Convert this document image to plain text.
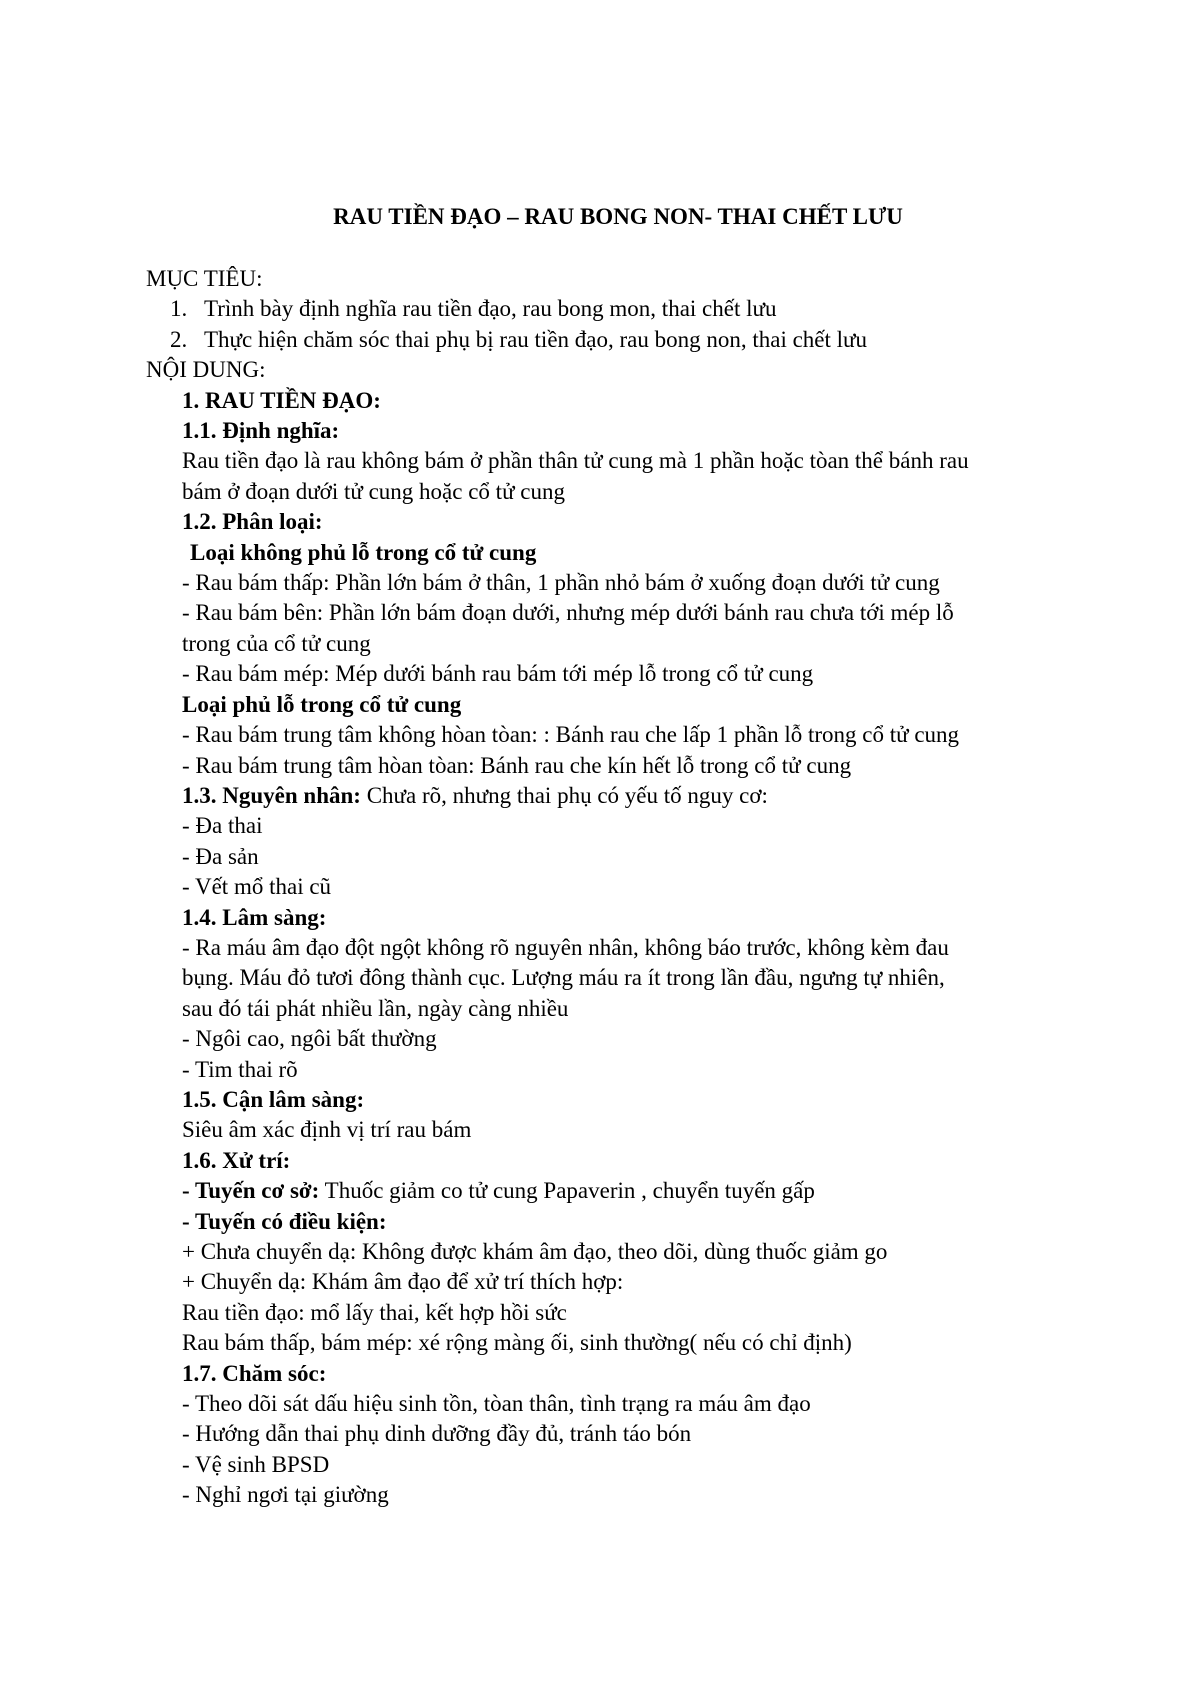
RAU TIỀN ĐẠO – RAU BONG NON- THAI CHẾT LƯU
MỤC TIÊU:
1. Trình bày định nghĩa rau tiền đạo, rau bong mon, thai chết lưu
2. Thực hiện chăm sóc thai phụ bị rau tiền đạo, rau bong non, thai chết lưu
NỘI DUNG:
1. RAU TIỀN ĐẠO:
1.1. Định nghĩa:
Rau tiền đạo là rau không bám ở phần thân tử cung mà 1 phần hoặc tòan thể bánh rau
bám ở đoạn dưới tử cung hoặc cổ tử cung
1.2. Phân loại:
Loại không phủ lỗ trong cổ tử cung
- Rau bám thấp: Phần lớn bám ở thân, 1 phần nhỏ bám ở xuống đoạn dưới tử cung
- Rau bám bên: Phần lớn bám đoạn dưới, nhưng mép dưới bánh rau chưa tới mép lỗ
trong của cổ tử cung
- Rau bám mép: Mép dưới bánh rau bám tới mép lỗ trong cổ tử cung
Loại phủ lỗ trong cổ tử cung
- Rau bám trung tâm không hòan tòan: : Bánh rau che lấp 1 phần lỗ trong cổ tử cung
- Rau bám trung tâm hòan tòan: Bánh rau che kín hết lỗ trong cổ tử cung
1.3. Nguyên nhân: Chưa rõ, nhưng thai phụ có yếu tố nguy cơ:
- Đa thai
- Đa sản
- Vết mổ thai cũ
1.4. Lâm sàng:
- Ra máu âm đạo đột ngột không rõ nguyên nhân, không báo trước, không kèm đau
bụng. Máu đỏ tươi đông thành cục. Lượng máu ra ít trong lần đầu, ngưng tự nhiên,
sau đó tái phát nhiều lần, ngày càng nhiều
- Ngôi cao, ngôi bất thường
- Tim thai rõ
1.5. Cận lâm sàng:
Siêu âm xác định vị trí rau bám
1.6. Xử trí:
- Tuyến cơ sở: Thuốc giảm co tử cung Papaverin , chuyển tuyến gấp
- Tuyến có điều kiện:
+ Chưa chuyển dạ: Không được khám âm đạo, theo dõi, dùng thuốc giảm go
+ Chuyển dạ: Khám âm đạo để xử trí thích hợp:
Rau tiền đạo: mổ lấy thai, kết hợp hồi sức
Rau bám thấp, bám mép: xé rộng màng ối, sinh thường( nếu có chỉ định)
1.7. Chăm sóc:
- Theo dõi sát dấu hiệu sinh tồn, tòan thân, tình trạng ra máu âm đạo
- Hướng dẫn thai phụ dinh dưỡng đầy đủ, tránh táo bón
- Vệ sinh BPSD
- Nghỉ ngơi tại giường
